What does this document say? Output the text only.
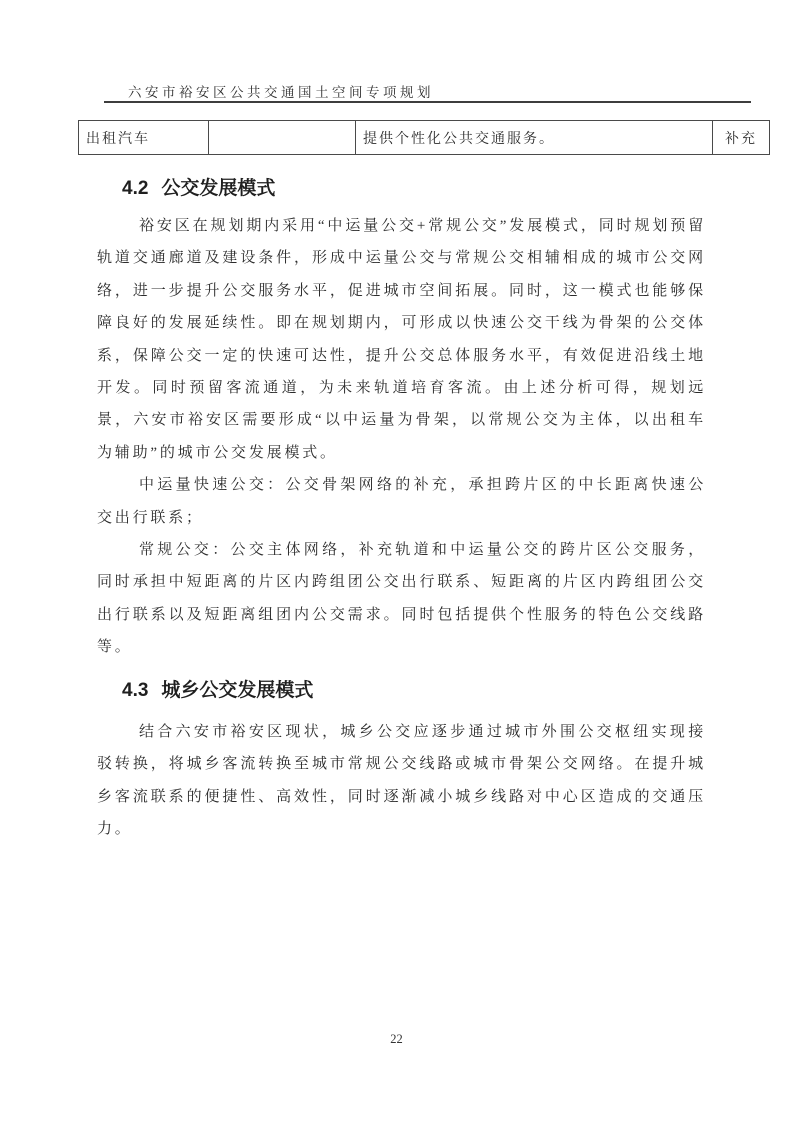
六安市裕安区公共交通国土空间专项规划
出租汽车		提供个性化公共交通服务。	补充
4.2 公交发展模式

裕安区在规划期内采用“中运量公交+常规公交”发展模式，同时规划预留轨道交通廊道及建设条件，形成中运量公交与常规公交相辅相成的城市公交网络，进一步提升公交服务水平，促进城市空间拓展。同时，这一模式也能够保障良好的发展延续性。即在规划期内，可形成以快速公交干线为骨架的公交体系，保障公交一定的快速可达性，提升公交总体服务水平，有效促进沿线土地开发。同时预留客流通道，为未来轨道培育客流。由上述分析可得，规划远景，六安市裕安区需要形成“以中运量为骨架，以常规公交为主体，以出租车为辅助”的城市公交发展模式。

中运量快速公交：公交骨架网络的补充，承担跨片区的中长距离快速公交出行联系；

常规公交：公交主体网络，补充轨道和中运量公交的跨片区公交服务，同时承担中短距离的片区内跨组团公交出行联系、短距离的片区内跨组团公交出行联系以及短距离组团内公交需求。同时包括提供个性服务的特色公交线路等。

4.3 城乡公交发展模式

结合六安市裕安区现状，城乡公交应逐步通过城市外围公交枢纽实现接驳转换，将城乡客流转换至城市常规公交线路或城市骨架公交网络。在提升城乡客流联系的便捷性、高效性，同时逐渐减小城乡线路对中心区造成的交通压力。

22
